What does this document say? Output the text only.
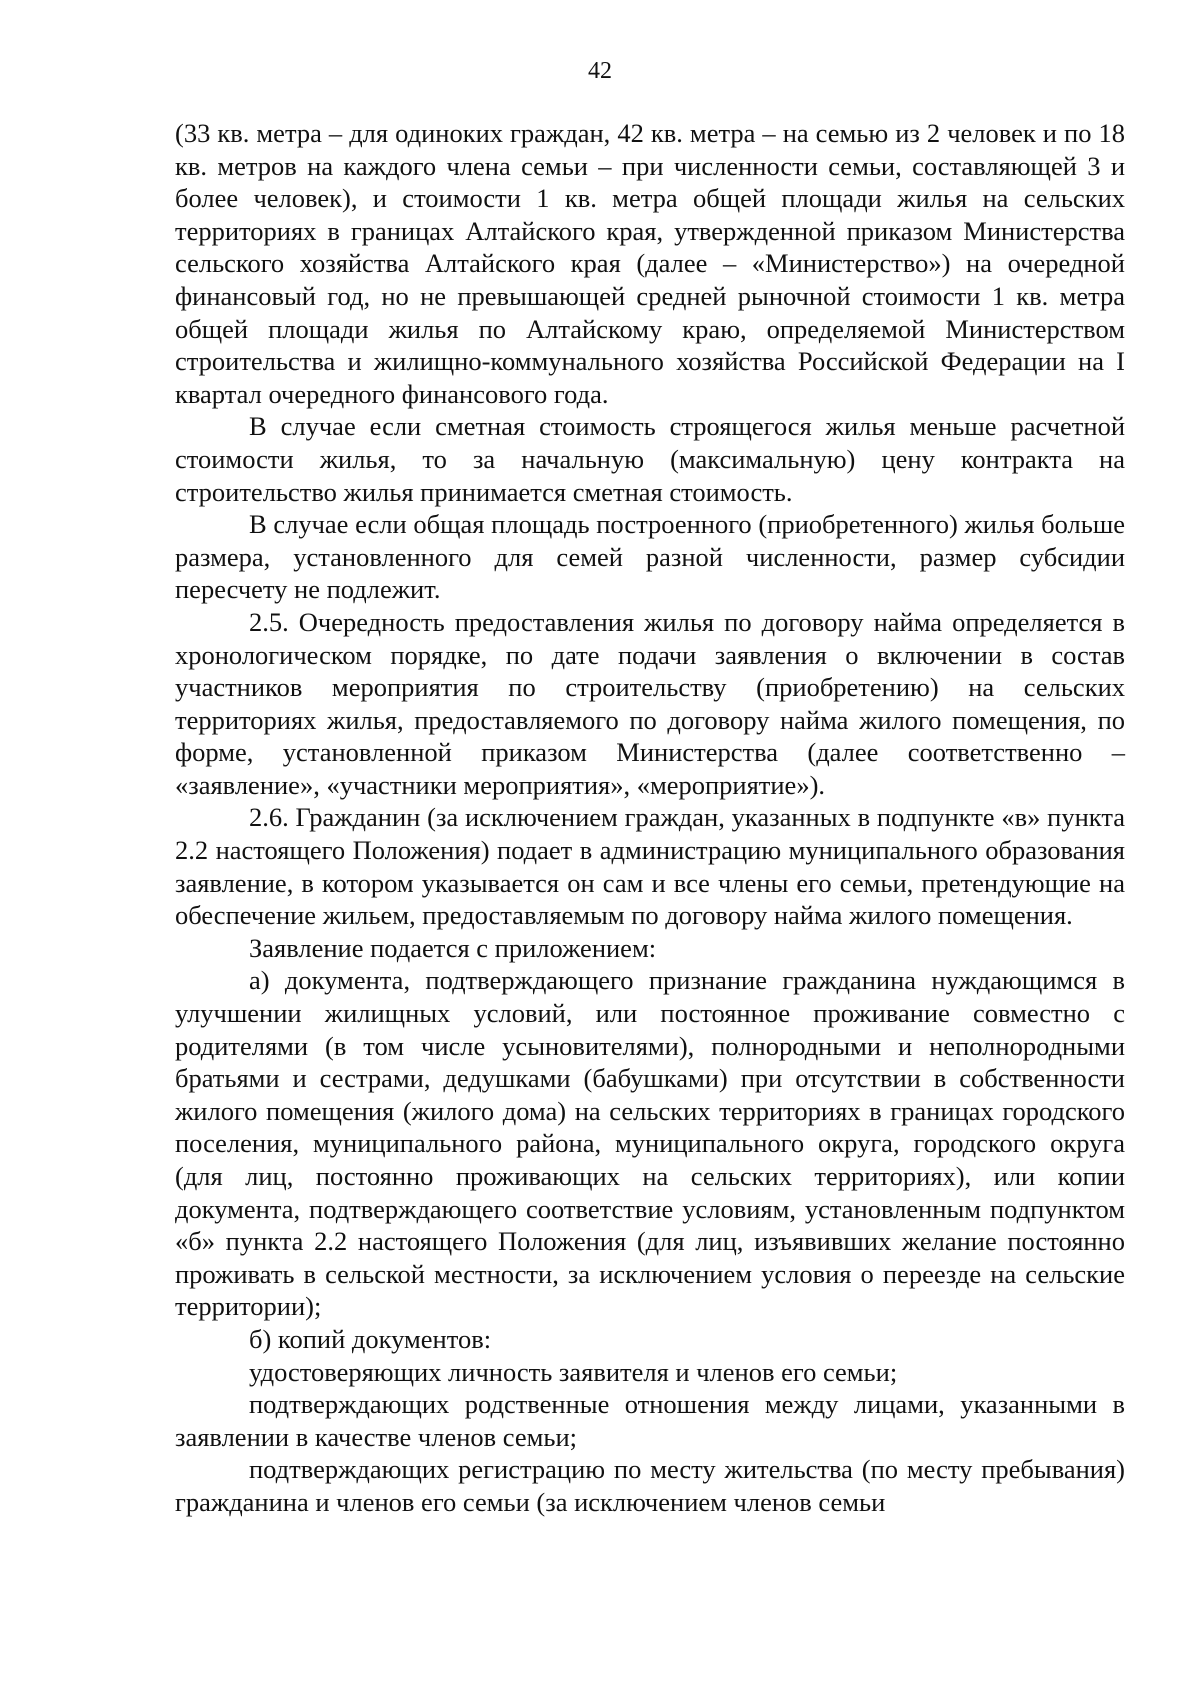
42

(33 кв. метра – для одиноких граждан, 42 кв. метра – на семью из 2 человек и по 18 кв. метров на каждого члена семьи – при численности семьи, составляющей 3 и более человек), и стоимости 1 кв. метра общей площади жилья на сельских территориях в границах Алтайского края, утвержденной приказом Министерства сельского хозяйства Алтайского края (далее – «Министерство») на очередной финансовый год, но не превышающей средней рыночной стоимости 1 кв. метра общей площади жилья по Алтайскому краю, определяемой Министерством строительства и жилищно-коммунального хозяйства Российской Федерации на I квартал очередного финансового года.

В случае если сметная стоимость строящегося жилья меньше расчетной стоимости жилья, то за начальную (максимальную) цену контракта на строительство жилья принимается сметная стоимость.

В случае если общая площадь построенного (приобретенного) жилья больше размера, установленного для семей разной численности, размер субсидии пересчету не подлежит.

2.5. Очередность предоставления жилья по договору найма определяется в хронологическом порядке, по дате подачи заявления о включении в состав участников мероприятия по строительству (приобретению) на сельских территориях жилья, предоставляемого по договору найма жилого помещения, по форме, установленной приказом Министерства (далее соответственно – «заявление», «участники мероприятия», «мероприятие»).

2.6. Гражданин (за исключением граждан, указанных в подпункте «в» пункта 2.2 настоящего Положения) подает в администрацию муниципального образования заявление, в котором указывается он сам и все члены его семьи, претендующие на обеспечение жильем, предоставляемым по договору найма жилого помещения.

Заявление подается с приложением:

а) документа, подтверждающего признание гражданина нуждающимся в улучшении жилищных условий, или постоянное проживание совместно с родителями (в том числе усыновителями), полнородными и неполнородными братьями и сестрами, дедушками (бабушками) при отсутствии в собственности жилого помещения (жилого дома) на сельских территориях в границах городского поселения, муниципального района, муниципального округа, городского округа (для лиц, постоянно проживающих на сельских территориях), или копии документа, подтверждающего соответствие условиям, установленным подпунктом «б» пункта 2.2 настоящего Положения (для лиц, изъявивших желание постоянно проживать в сельской местности, за исключением условия о переезде на сельские территории);

б) копий документов:

удостоверяющих личность заявителя и членов его семьи;

подтверждающих родственные отношения между лицами, указанными в заявлении в качестве членов семьи;

подтверждающих регистрацию по месту жительства (по месту пребывания) гражданина и членов его семьи (за исключением членов семьи
